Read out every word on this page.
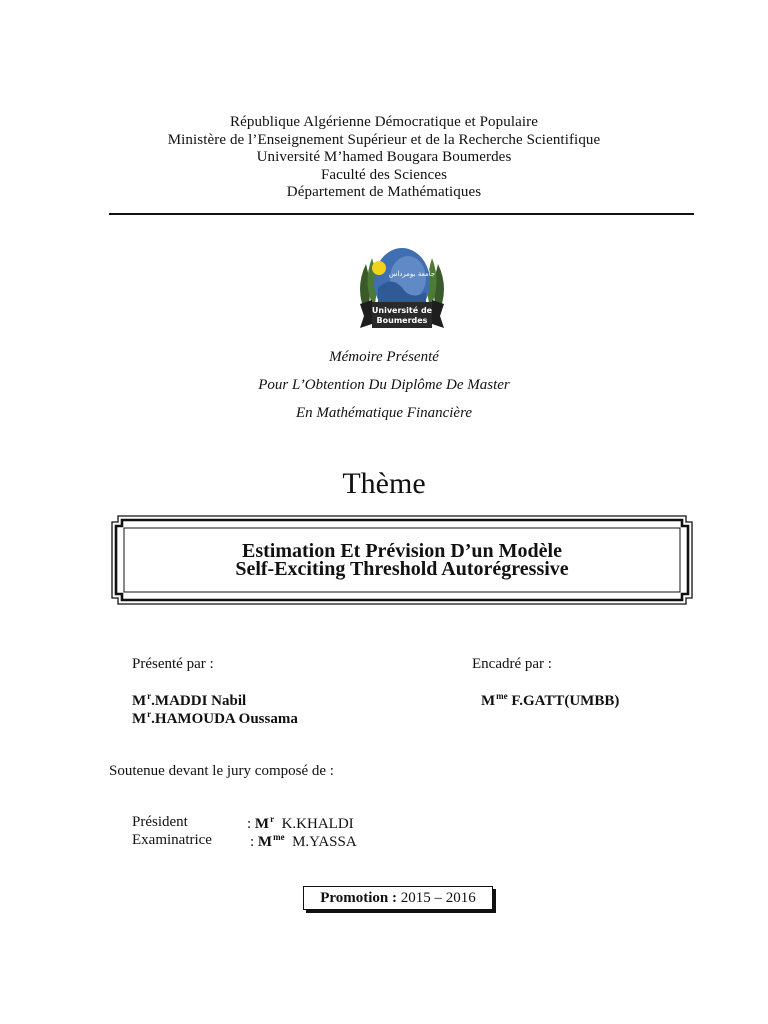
République Algérienne Démocratique et Populaire
Ministère de l’Enseignement Supérieur et de la Recherche Scientifique
Université M’hamed Bougara Boumerdes
Faculté des Sciences
Département de Mathématiques
جامعة بومرداس
Université de
Boumerdes
Mémoire Présenté
Pour L’Obtention Du Diplôme De Master
En Mathématique Financière
Thème
Estimation Et Prévision D’un Modèle
Self-Exciting Threshold Autorégressive
Présenté par :	Encadré par :
$M^r.MADDI$ Nabil
$M^r.HAMOUDA$ Oussama
$M^{me}$ F.GATT(UMBB)
Soutenue devant le jury composé de :
Président	: $M^r$ K.KHALDI
Examinatrice	: $M^{me}$ M.YASSA
Promotion : 2015 – 2016
